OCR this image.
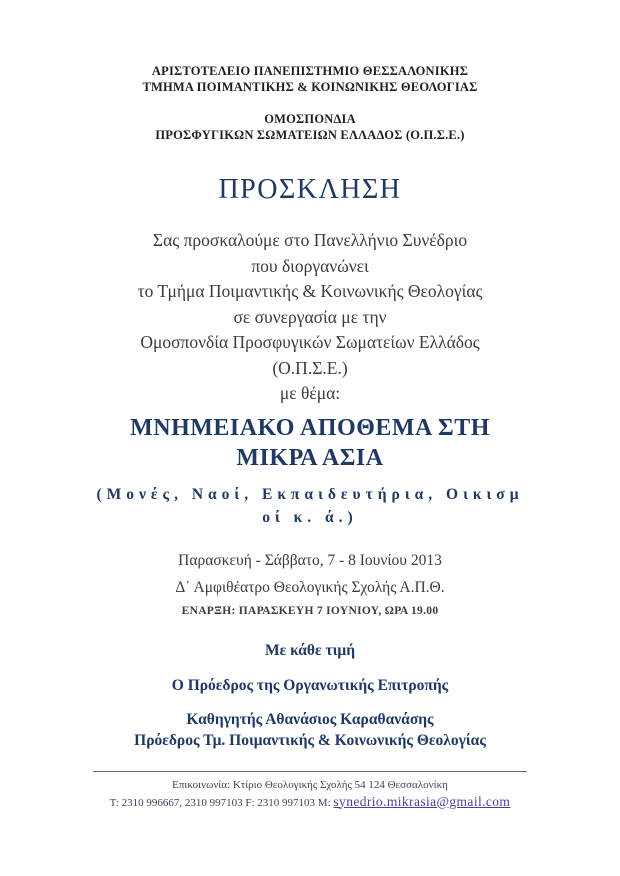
ΑΡΙΣΤΟΤΕΛΕΙΟ ΠΑΝΕΠΙΣΤΗΜΙΟ ΘΕΣΣΑΛΟΝΙΚΗΣ
ΤΜΗΜΑ ΠΟΙΜΑΝΤΙΚΗΣ & ΚΟΙΝΩΝΙΚΗΣ ΘΕΟΛΟΓΙΑΣ
ΟΜΟΣΠΟΝΔΙΑ
ΠΡΟΣΦΥΓΙΚΩΝ ΣΩΜΑΤΕΙΩΝ ΕΛΛΑΔΟΣ (Ο.Π.Σ.Ε.)
ΠΡΟΣΚΛΗΣΗ
Σας προσκαλούμε στο Πανελλήνιο Συνέδριο
που διοργανώνει
το Τμήμα Ποιμαντικής & Κοινωνικής Θεολογίας
σε συνεργασία με την
Ομοσπονδία Προσφυγικών Σωματείων Ελλάδος
(Ο.Π.Σ.Ε.)
με θέμα:
ΜΝΗΜΕΙΑΚΟ ΑΠΟΘΕΜΑ ΣΤΗ
ΜΙΚΡΑ ΑΣΙΑ
(Μονές, Ναοί, Εκπαιδευτήρια, Οικισμ
οί κ. ά.)
Παρασκευή - Σάββατο, 7 - 8 Ιουνίου 2013
Δ΄ Αμφιθέατρο Θεολογικής Σχολής Α.Π.Θ.
ΕΝΑΡΞΗ: ΠΑΡΑΣΚΕΥΗ 7 ΙΟΥΝΙΟΥ, ΩΡΑ 19.00
Με κάθε τιμή
Ο Πρόεδρος της Οργανωτικής Επιτροπής
Καθηγητής Αθανάσιος Καραθανάσης
Πρόεδρος Τμ. Ποιμαντικής & Κοινωνικής Θεολογίας
Επικοινωνία: Κτίριο Θεολογικής Σχολής 54 124 Θεσσαλονίκη
T: 2310 996667, 2310 997103 F: 2310 997103 M: synedrio.mikrasia@gmail.com
